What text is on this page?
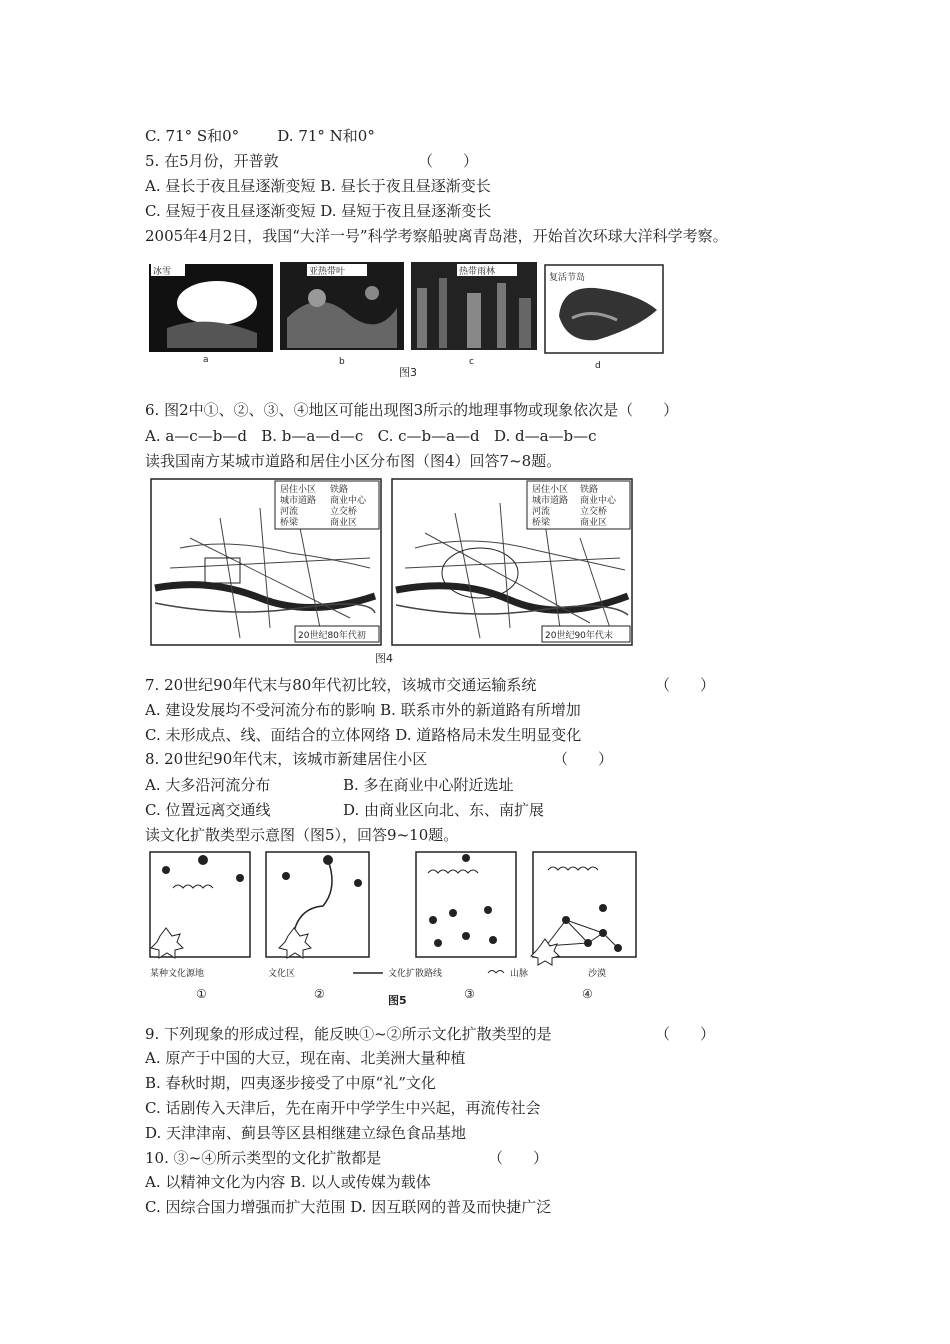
C. 71° S和0°        D. 71° N和0°
5. 在5月份，开普敦	（　　）
A. 昼长于夜且昼逐渐变短 B. 昼长于夜且昼逐渐变长
C. 昼短于夜且昼逐渐变短 D. 昼短于夜且昼逐渐变长
2005年4月2日，我国“大洋一号”科学考察船驶离青岛港，开始首次环球大洋科学考察。
冰雪
a
亚热带叶
b
热带雨林
c
复活节岛
d
图3
6. 图2中①、②、③、④地区可能出现图3所示的地理事物或现象依次是（　　）
A. a—c—b—d   B. b—a—d—c   C. c—b—a—d   D. d—a—b—c
读我国南方某城市道路和居住小区分布图（图4）回答7~8题。
居住小区 铁路
城市道路 商业中心
河流	立交桥
桥梁	商业区
20世纪80年代初
居住小区 铁路
城市道路 商业中心
河流	立交桥
桥梁	商业区
20世纪90年代末
图4
7. 20世纪90年代末与80年代初比较，该城市交通运输系统	（　　）
A. 建设发展均不受河流分布的影响 B. 联系市外的新道路有所增加
C. 未形成点、线、面结合的立体网络 D. 道路格局未发生明显变化
8. 20世纪90年代末，该城市新建居住小区	（　　）
A. 大多沿河流分布	B. 多在商业中心附近选址
C. 位置远离交通线	D. 由商业区向北、东、南扩展
读文化扩散类型示意图（图5），回答9~10题。
①	②	③	④
某种文化源地	文化区	文化扩散路线	山脉	沙漠
图5
9. 下列现象的形成过程，能反映①~②所示文化扩散类型的是	（　　）
A. 原产于中国的大豆，现在南、北美洲大量种植
B. 春秋时期，四夷逐步接受了中原“礼”文化
C. 话剧传入天津后，先在南开中学学生中兴起，再流传社会
D. 天津津南、蓟县等区县相继建立绿色食品基地
10. ③~④所示类型的文化扩散都是	（　　）
A. 以精神文化为内容 B. 以人或传媒为载体
C. 因综合国力增强而扩大范围 D. 因互联网的普及而快捷广泛
